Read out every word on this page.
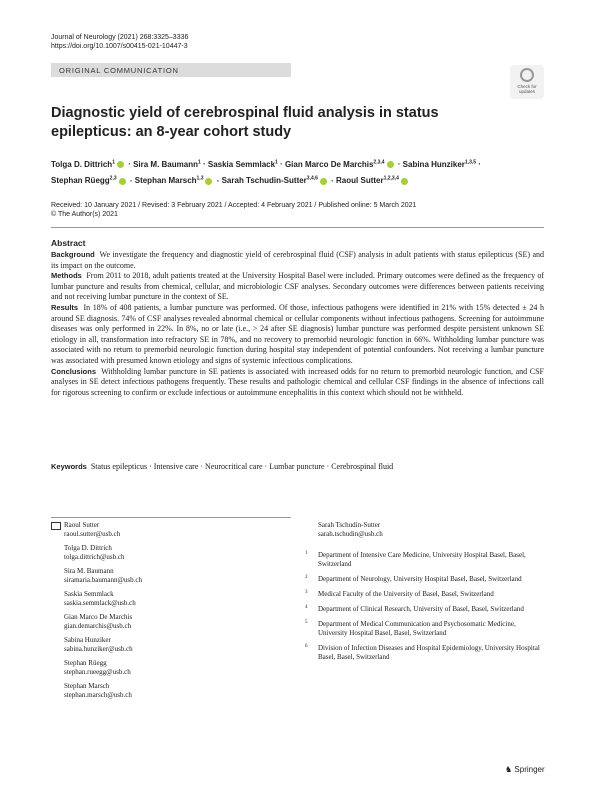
Journal of Neurology (2021) 268:3325–3336
https://doi.org/10.1007/s00415-021-10447-3
ORIGINAL COMMUNICATION
Check for updates
Diagnostic yield of cerebrospinal fluid analysis in status epilepticus: an 8-year cohort study
Tolga D. Dittrich$^1$ · Sira M. Baumann$^1$ · Saskia Semmlack$^1$ · Gian Marco De Marchis$^{2,3,4}$ · Sabina Hunziker$^{1,3,5}$ ·
Stephan Rüegg$^{2,3}$ · Stephan Marsch$^{1,3}$ · Sarah Tschudin-Sutter$^{3,4,6}$ · Raoul Sutter$^{1,2,3,4}$
Received: 10 January 2021 / Revised: 3 February 2021 / Accepted: 4 February 2021 / Published online: 5 March 2021
© The Author(s) 2021
Abstract
Background We investigate the frequency and diagnostic yield of cerebrospinal fluid (CSF) analysis in adult patients with status epilepticus (SE) and its impact on the outcome.
Methods From 2011 to 2018, adult patients treated at the University Hospital Basel were included. Primary outcomes were defined as the frequency of lumbar puncture and results from chemical, cellular, and microbiologic CSF analyses. Secondary outcomes were differences between patients receiving and not receiving lumbar puncture in the context of SE.
Results In 18% of 408 patients, a lumbar puncture was performed. Of those, infectious pathogens were identified in 21% with 15% detected ± 24 h around SE diagnosis. 74% of CSF analyses revealed abnormal chemical or cellular components without infectious pathogens. Screening for autoimmune diseases was only performed in 22%. In 8%, no or late (i.e., > 24 after SE diagnosis) lumbar puncture was performed despite persistent unknown SE etiology in all, transformation into refractory SE in 78%, and no recovery to premorbid neurologic function in 66%. Withholding lumbar puncture was associated with no return to premorbid neurologic function during hospital stay independent of potential confounders. Not receiving a lumbar puncture was associated with presumed known etiology and signs of systemic infectious complications.
Conclusions Withholding lumbar puncture in SE patients is associated with increased odds for no return to premorbid neurologic function, and CSF analyses in SE detect infectious pathogens frequently. These results and pathologic chemical and cellular CSF findings in the absence of infections call for rigorous screening to confirm or exclude infectious or autoimmune encephalitis in this context which should not be withheld.
Keywords Status epilepticus · Intensive care · Neurocritical care · Lumbar puncture · Cerebrospinal fluid
Raoul Sutter
raoul.sutter@usb.ch
Tolga D. Dittrich
tolga.dittrich@usb.ch
Sira M. Baumann
siramaria.baumann@usb.ch
Saskia Semmlack
saskia.semmlack@usb.ch
Gian Marco De Marchis
gian.demarchis@usb.ch
Sabina Hunziker
sabina.hunziker@usb.ch
Stephan Rüegg
stephan.rueegg@usb.ch
Stephan Marsch
stephan.marsch@usb.ch
Sarah Tschudin-Sutter
sarah.tschudin@usb.ch
1 Department of Intensive Care Medicine, University Hospital Basel, Basel, Switzerland
2 Department of Neurology, University Hospital Basel, Basel, Switzerland
3 Medical Faculty of the University of Basel, Basel, Switzerland
4 Department of Clinical Research, University of Basel, Basel, Switzerland
5 Department of Medical Communication and Psychosomatic Medicine, University Hospital Basel, Basel, Switzerland
6 Division of Infection Diseases and Hospital Epidemiology, University Hospital Basel, Basel, Switzerland
♞ Springer
